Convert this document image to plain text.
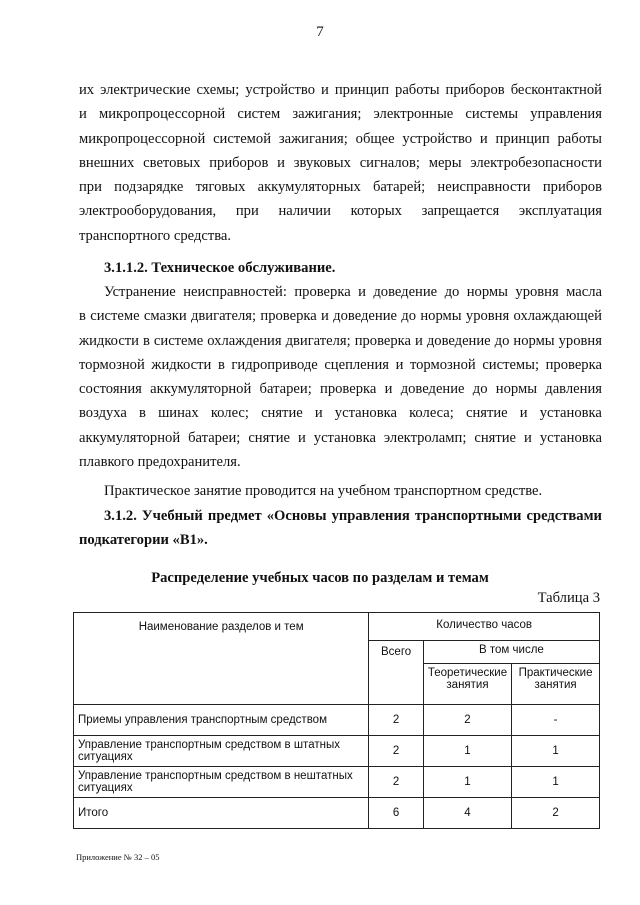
7
их электрические схемы; устройство и принцип работы приборов бесконтактной
и микропроцессорной систем зажигания; электронные системы управления
микропроцессорной системой зажигания; общее устройство и принцип работы
внешних световых приборов и звуковых сигналов; меры электробезопасности
при подзарядке тяговых аккумуляторных батарей; неисправности приборов
электрооборудования, при наличии которых запрещается эксплуатация
транспортного средства.
3.1.1.2. Техническое обслуживание.
Устранение неисправностей: проверка и доведение до нормы уровня масла
в системе смазки двигателя; проверка и доведение до нормы уровня охлаждающей
жидкости в системе охлаждения двигателя; проверка и доведение до нормы уровня
тормозной жидкости в гидроприводе сцепления и тормозной системы; проверка
состояния аккумуляторной батареи; проверка и доведение до нормы давления
воздуха в шинах колес; снятие и установка колеса; снятие и установка
аккумуляторной батареи; снятие и установка электроламп; снятие и установка
плавкого предохранителя.
Практическое занятие проводится на учебном транспортном средстве.
3.1.2. Учебный предмет «Основы управления транспортными средствами
подкатегории «В1».
Распределение учебных часов по разделам и темам
Таблица 3
Наименование разделов и тем	Количество часов		
	Всего	В том числе	
		Теоретические занятия	Практические занятия
Приемы управления транспортным средством	2	2	-
Управление транспортным средством в штатных ситуациях	2	1	1
Управление транспортным средством в нештатных ситуациях	2	1	1
Итого	6	4	2
Приложение № 32 – 05
